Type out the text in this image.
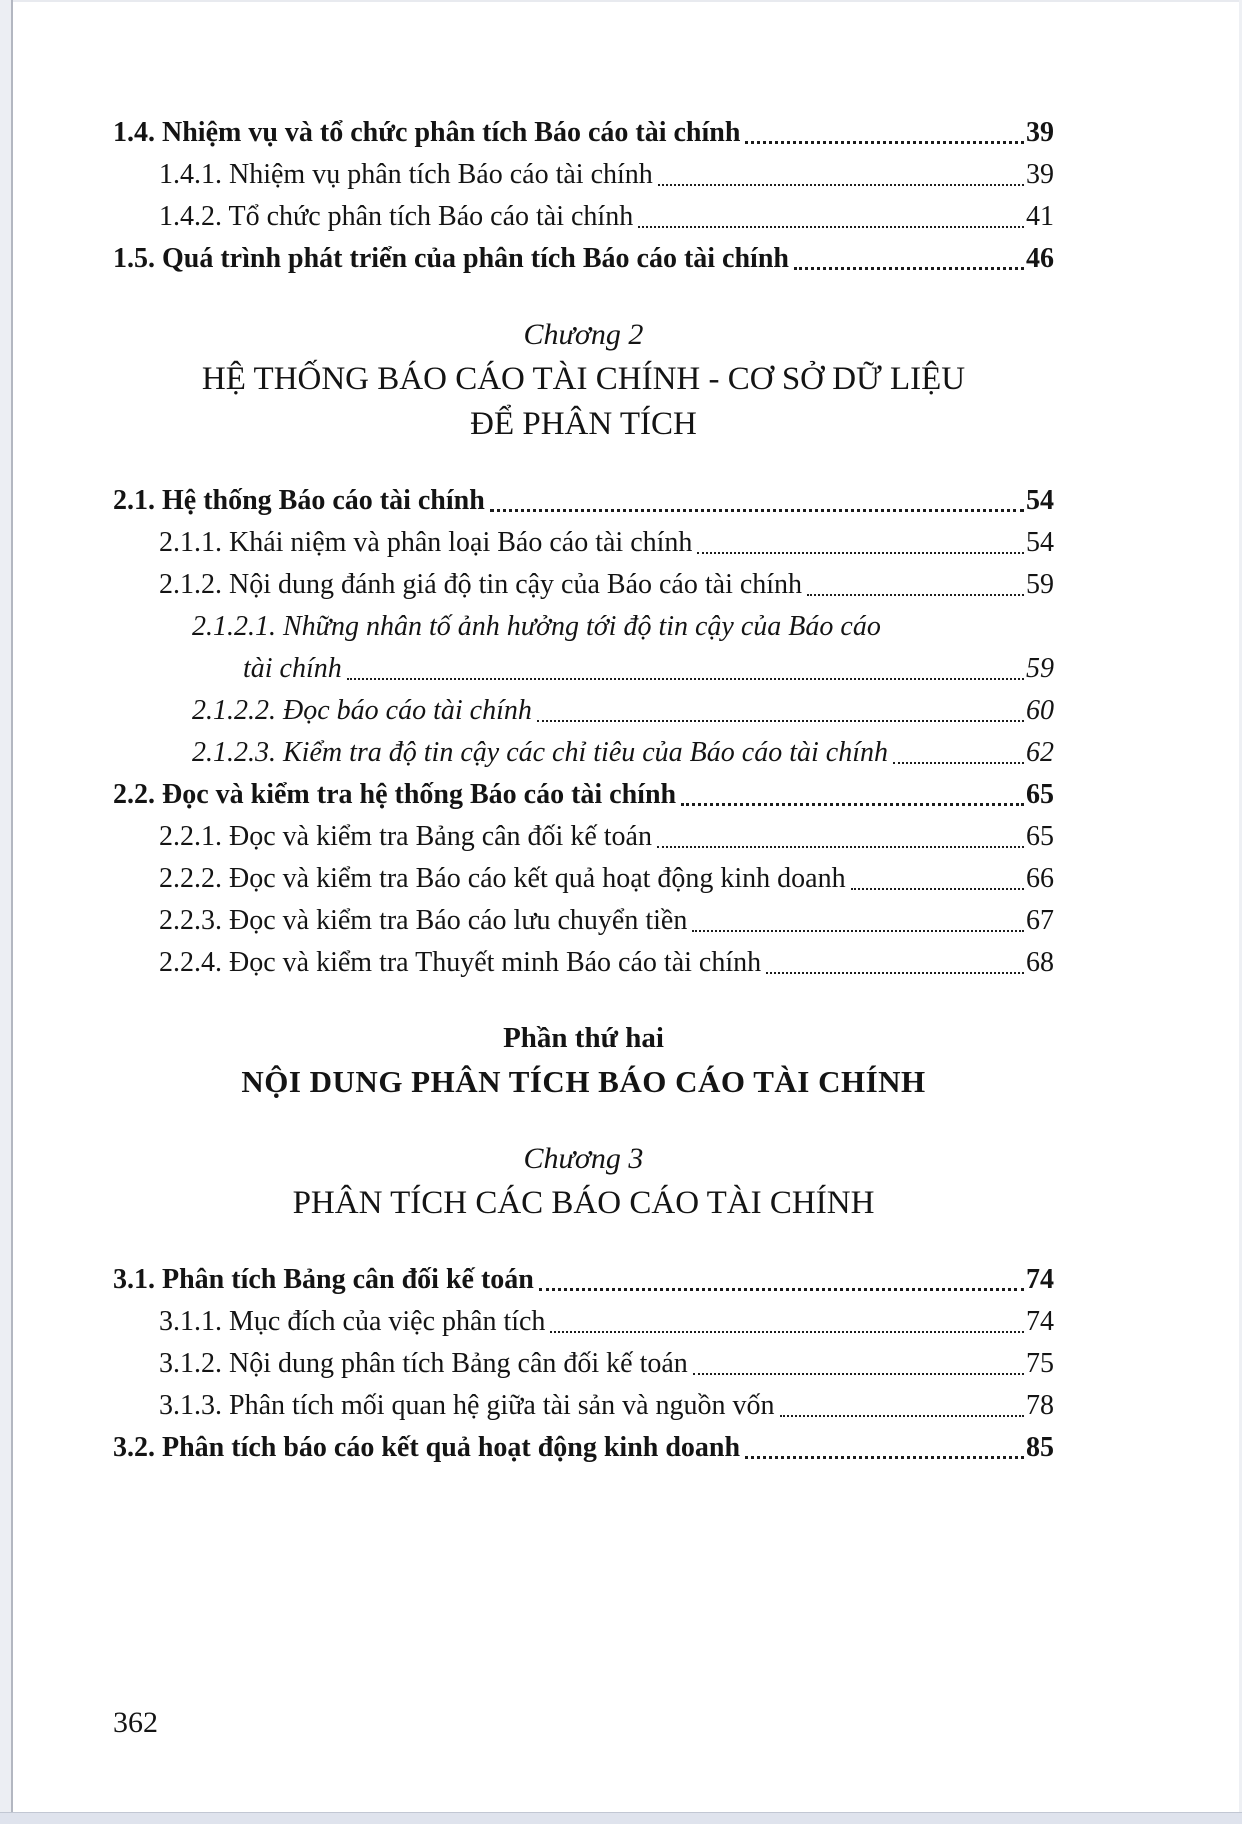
1.4. Nhiệm vụ và tổ chức phân tích Báo cáo tài chính	39
1.4.1. Nhiệm vụ phân tích Báo cáo tài chính	39
1.4.2. Tổ chức phân tích Báo cáo tài chính	41
1.5. Quá trình phát triển của phân tích Báo cáo tài chính	46
Chương 2
HỆ THỐNG BÁO CÁO TÀI CHÍNH - CƠ SỞ DỮ LIỆU
ĐỂ PHÂN TÍCH
2.1. Hệ thống Báo cáo tài chính	54
2.1.1. Khái niệm và phân loại Báo cáo tài chính	54
2.1.2. Nội dung đánh giá độ tin cậy của Báo cáo tài chính	59
2.1.2.1. Những nhân tố ảnh hưởng tới độ tin cậy của Báo cáo
tài chính	59
2.1.2.2. Đọc báo cáo tài chính	60
2.1.2.3. Kiểm tra độ tin cậy các chỉ tiêu của Báo cáo tài chính	62
2.2. Đọc và kiểm tra hệ thống Báo cáo tài chính	65
2.2.1. Đọc và kiểm tra Bảng cân đối kế toán	65
2.2.2. Đọc và kiểm tra Báo cáo kết quả hoạt động kinh doanh	66
2.2.3. Đọc và kiểm tra Báo cáo lưu chuyển tiền	67
2.2.4. Đọc và kiểm tra Thuyết minh Báo cáo tài chính	68
Phần thứ hai
NỘI DUNG PHÂN TÍCH BÁO CÁO TÀI CHÍNH
Chương 3
PHÂN TÍCH CÁC BÁO CÁO TÀI CHÍNH
3.1. Phân tích Bảng cân đối kế toán	74
3.1.1. Mục đích của việc phân tích	74
3.1.2. Nội dung phân tích Bảng cân đối kế toán	75
3.1.3. Phân tích mối quan hệ giữa tài sản và nguồn vốn	78
3.2. Phân tích báo cáo kết quả hoạt động kinh doanh	85
362
